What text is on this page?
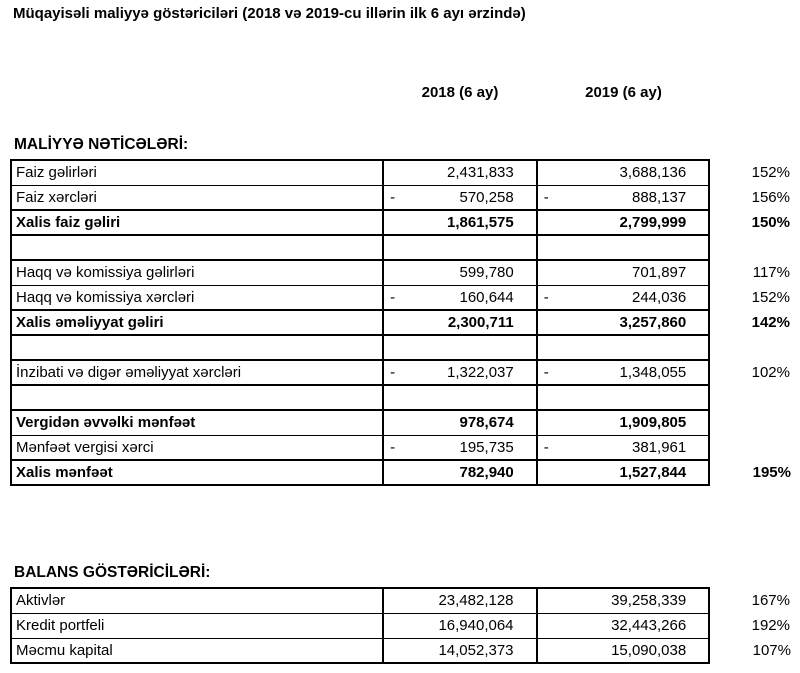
Müqayisəli maliyyə göstəriciləri (2018 və 2019-cu illərin ilk 6 ayı ərzində)
2018 (6 ay)	2019 (6 ay)
MALİYYƏ NƏTİCƏLƏRİ:
Faiz gəlirləri	2,431,833	3,688,136	152%
Faiz xərcləri	- 570,258	- 888,137	156%
Xalis faiz gəliri	1,861,575	2,799,999	150%

Haqq və komissiya gəlirləri	599,780	701,897	117%
Haqq və komissiya xərcləri	- 160,644	- 244,036	152%
Xalis əməliyyat gəliri	2,300,711	3,257,860	142%

İnzibati və digər əməliyyat xərcləri	- 1,322,037	- 1,348,055	102%

Vergidən əvvəlki mənfəət	978,674	1,909,805	
Mənfəət vergisi xərci	- 195,735	- 381,961	
Xalis mənfəət	782,940	1,527,844	195%
BALANS GÖSTƏRİCİLƏRİ:
Aktivlər	23,482,128	39,258,339	167%
Kredit portfeli	16,940,064	32,443,266	192%
Məcmu kapital	14,052,373	15,090,038	107%
